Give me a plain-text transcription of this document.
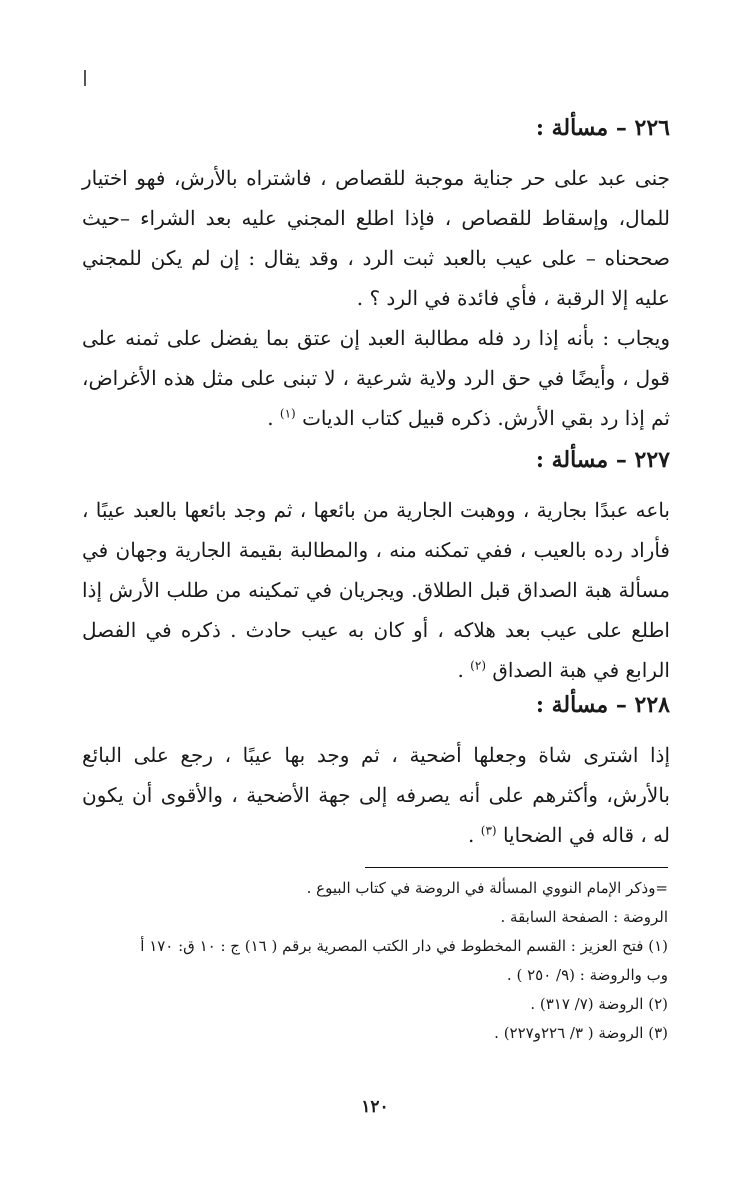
٢٢٦ – مسألة :
جنى عبد على حر جناية موجبة للقصاص ، فاشتراه بالأرش، فهو اختيار للمال، وإسقاط للقصاص ، فإذا اطلع المجني عليه بعد الشراء –حيث صححناه – على عيب بالعبد ثبت الرد ، وقد يقال : إن لم يكن للمجني عليه إلا الرقبة ، فأي فائدة في الرد ؟ .
ويجاب : بأنه إذا رد فله مطالبة العبد إن عتق بما يفضل على ثمنه على قول ، وأيضًا في حق الرد ولاية شرعية ، لا تبنى على مثل هذه الأغراض، ثم إذا رد بقي الأرش. ذكره قبيل كتاب الديات $^{(١)}$ .
٢٢٧ – مسألة :
باعه عبدًا بجارية ، ووهبت الجارية من بائعها ، ثم وجد بائعها بالعبد عيبًا ، فأراد رده بالعيب ، ففي تمكنه منه ، والمطالبة بقيمة الجارية وجهان في مسألة هبة الصداق قبل الطلاق. ويجريان في تمكينه من طلب الأرش إذا اطلع على عيب بعد هلاكه ، أو كان به عيب حادث . ذكره في الفصل الرابع في هبة الصداق $^{(٢)}$ .
٢٢٨ – مسألة :
إذا اشترى شاة وجعلها أضحية ، ثم وجد بها عيبًا ، رجع على البائع بالأرش، وأكثرهم على أنه يصرفه إلى جهة الأضحية ، والأقوى أن يكون له ، قاله في الضحايا $^{(٣)}$ .
=وذكر الإمام النووي المسألة في الروضة في كتاب البيوع .
الروضة : الصفحة السابقة .
(١) فتح العزيز : القسم المخطوط في دار الكتب المصرية برقم ( ١٦) ج : ١٠ ق: ١٧٠ أ
وب والروضة : (٩/ ٢٥٠ ) .
(٢) الروضة (٧/ ٣١٧) .
(٣) الروضة ( ٣/ ٢٢٦و٢٢٧) .
١٢٠
